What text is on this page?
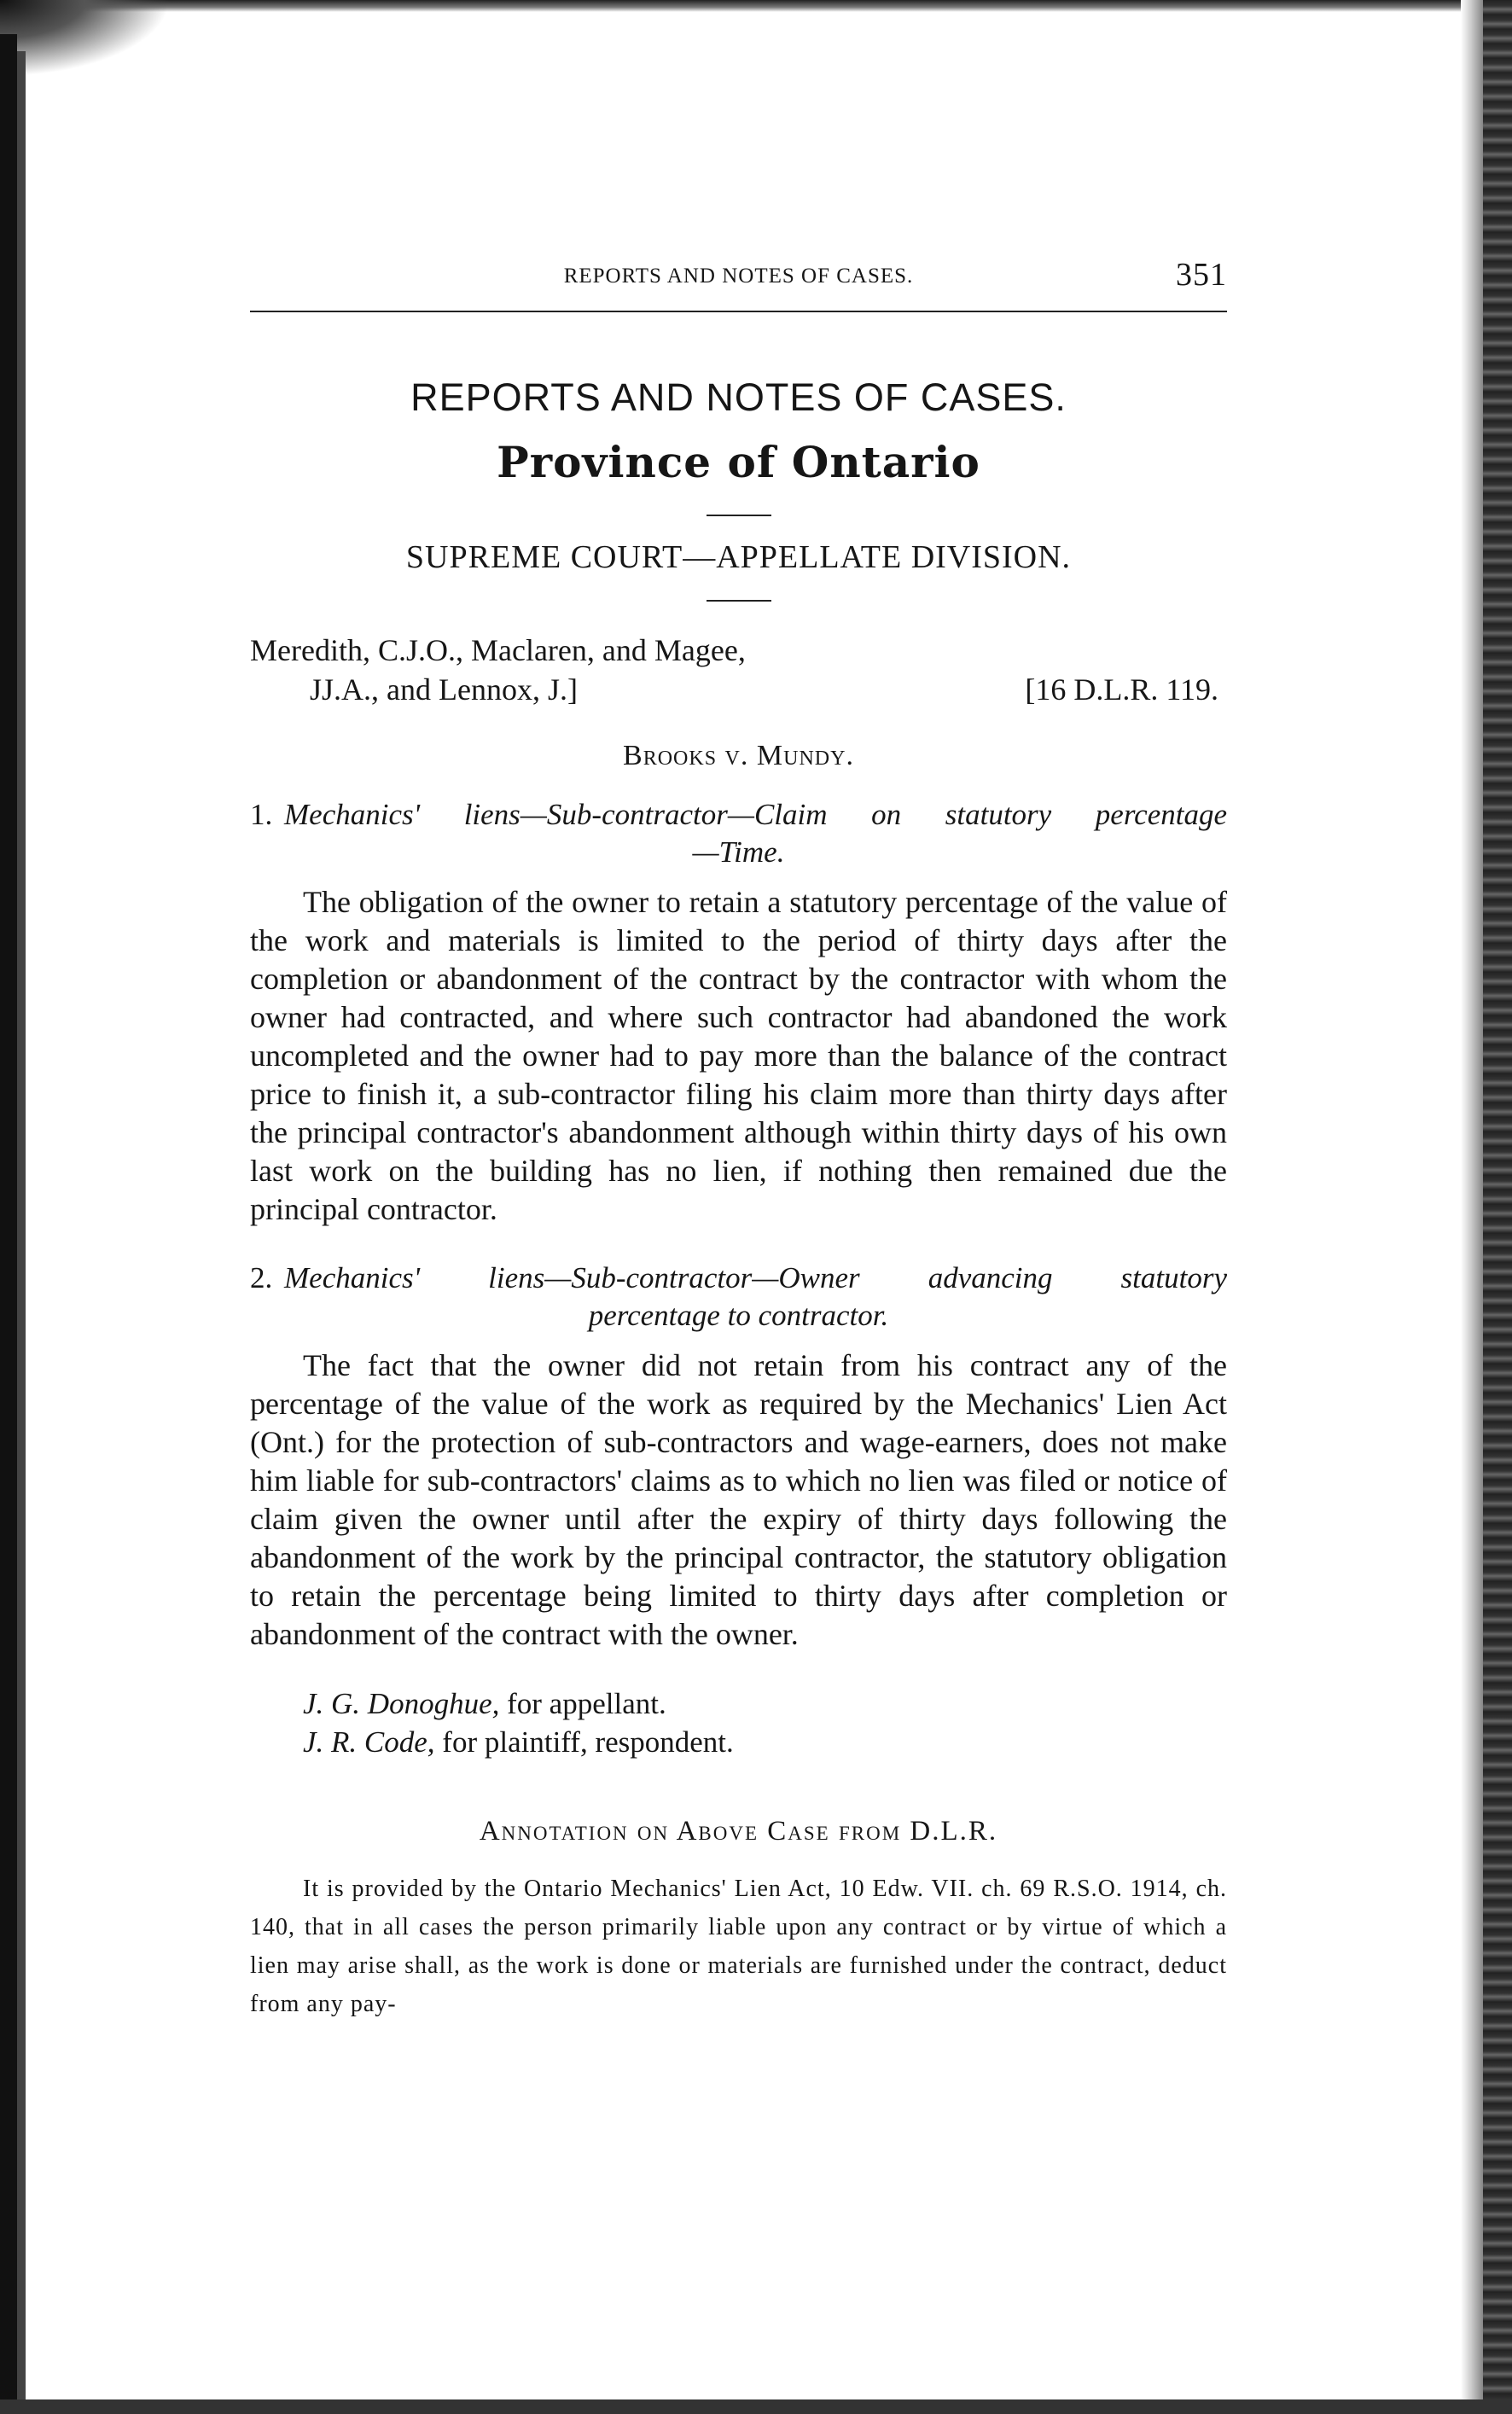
REPORTS AND NOTES OF CASES.	351
REPORTS AND NOTES OF CASES.
Province of Ontario
SUPREME COURT—APPELLATE DIVISION.
Meredith, C.J.O., Maclaren, and Magee,
JJ.A., and Lennox, J.]	[16 D.L.R. 119.
Brooks v. Mundy.
1. Mechanics' liens—Sub-contractor—Claim on statutory percentage
—Time.

The obligation of the owner to retain a statutory percentage of the value of the work and materials is limited to the period of thirty days after the completion or abandonment of the contract by the contractor with whom the owner had contracted, and where such contractor had abandoned the work uncompleted and the owner had to pay more than the balance of the contract price to finish it, a sub-contractor filing his claim more than thirty days after the principal contractor's abandonment although within thirty days of his own last work on the building has no lien, if nothing then remained due the principal contractor.

2. Mechanics' liens—Sub-contractor—Owner advancing statutory
percentage to contractor.

The fact that the owner did not retain from his contract any of the percentage of the value of the work as required by the Mechanics' Lien Act (Ont.) for the protection of sub-contractors and wage-earners, does not make him liable for sub-contractors' claims as to which no lien was filed or notice of claim given the owner until after the expiry of thirty days following the abandonment of the work by the principal contractor, the statutory obligation to retain the percentage being limited to thirty days after completion or abandonment of the contract with the owner.

J. G. Donoghue, for appellant.
J. R. Code, for plaintiff, respondent.
Annotation on Above Case from D.L.R.

It is provided by the Ontario Mechanics' Lien Act, 10 Edw. VII. ch. 69 R.S.O. 1914, ch. 140, that in all cases the person primarily liable upon any contract or by virtue of which a lien may arise shall, as the work is done or materials are furnished under the contract, deduct from any pay-
